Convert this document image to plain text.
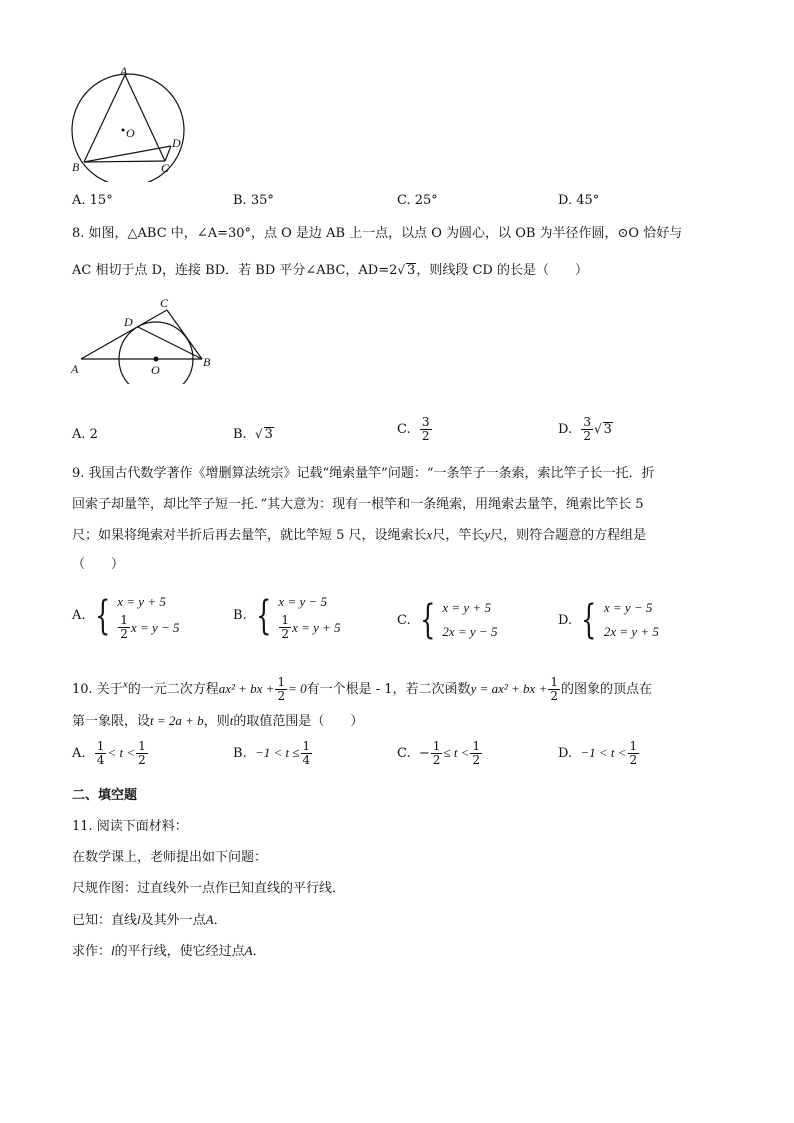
A
O
B	C
D
A. 15°	B. 35°	C. 25°	D. 45°
8. 如图，△ABC 中，∠A=30°，点 O 是边 AB 上一点，以点 O 为圆心，以 OB 为半径作圆，⊙O 恰好与
AC 相切于点 D，连接 BD．若 BD 平分∠ABC，AD=2√ 3，则线段 CD 的长是（　　）
C
D
A	O
B
A. 2	B. √ 3	C. $\frac{3}{2}$	D. $\frac{3}{2}$ √ 3
9. 我国古代数学著作《增删算法统宗》记载“绳索量竿”问题：“一条竿子一条索，索比竿子长一托．折
回索子却量竿，却比竿子短一托．”其大意为：现有一根竿和一条绳索，用绳索去量竿，绳索比竿长 5
尺；如果将绳索对半折后再去量竿，就比竿短 5 尺，设绳索长x尺，竿长y尺，则符合题意的方程组是
（　　）
A. { x = y + 5
$\frac{1}{2}$ x = y − 5
B. { x = y − 5
$\frac{1}{2}$ x = y + 5	C. { x = y + 5
2x = y − 5
D. { x = y − 5
2x = y + 5
10. 关于$^x$的一元二次方程ax² + bx + $\frac{1}{2} = 0$有一个根是 - 1，若二次函数y = ax² + bx + $\frac{1}{2}$ 的图象的顶点在
第一象限，设t = 2a + b，则t的取值范围是（　　）
A. $\frac{1}{4} < t < \frac{1}{2}$	B. $-1 < t \le \frac{1}{4}$	C. − $\frac{1}{2} \le t < \frac{1}{2}$	D. $-1 < t < \frac{1}{2}$
二、填空题
11. 阅读下面材料：
在数学课上，老师提出如下问题：
尺规作图：过直线外一点作已知直线的平行线．
已知：直线l及其外一点A．
求作：l的平行线，使它经过点A．
